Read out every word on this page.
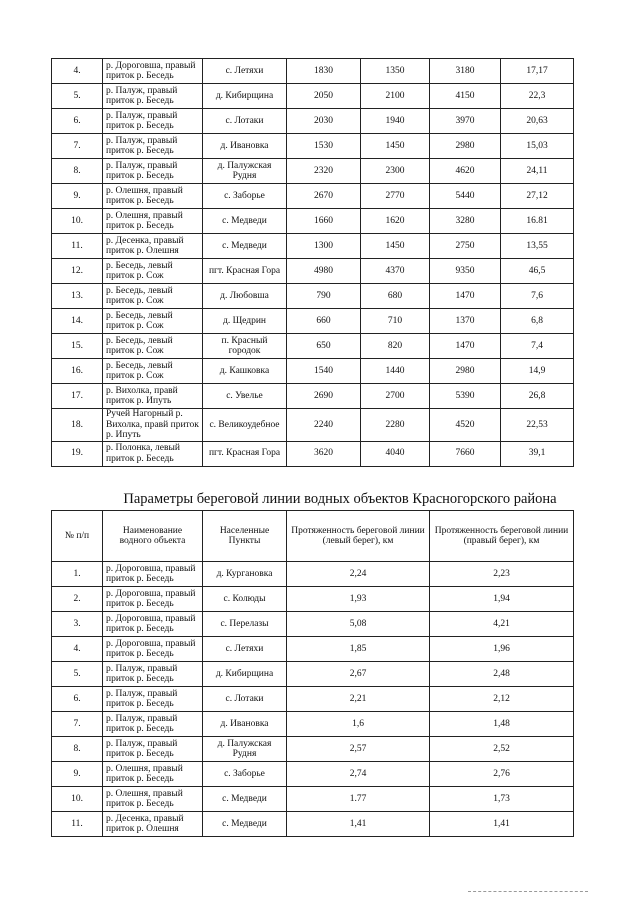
4.	р. Дороговша, правый приток р. Беседь	с. Летяхи	1830	1350	3180	17,17
5.	р. Палуж, правый приток р. Беседь	д. Кибирщина	2050	2100	4150	22,3
6.	р. Палуж, правый приток р. Беседь	с. Лотаки	2030	1940	3970	20,63
7.	р. Палуж, правый приток р. Беседь	д. Ивановка	1530	1450	2980	15,03
8.	р. Палуж, правый приток р. Беседь	д. Палужская Рудня	2320	2300	4620	24,11
9.	р. Олешня, правый приток р. Беседь	с. Заборье	2670	2770	5440	27,12
10.	р. Олешня, правый приток р. Беседь	с. Медведи	1660	1620	3280	16.81
11.	р. Десенка, правый приток р. Олешня	с. Медведи	1300	1450	2750	13,55
12.	р. Беседь, левый приток р. Сож	пгт. Красная Гора	4980	4370	9350	46,5
13.	р. Беседь, левый приток р. Сож	д. Любовша	790	680	1470	7,6
14.	р. Беседь, левый приток р. Сож	д. Щедрин	660	710	1370	6,8
15.	р. Беседь, левый приток р. Сож	п. Красный городок	650	820	1470	7,4
16.	р. Беседь, левый приток р. Сож	д. Кашковка	1540	1440	2980	14,9
17.	р. Вихолка, правй приток р. Ипуть	с. Увелье	2690	2700	5390	26,8
18.	Ручей Нагорный р. Вихолка, правй приток р. Ипуть	с. Великоудебное	2240	2280	4520	22,53
19.	р. Полонка, левый приток р. Беседь	пгт. Красная Гора	3620	4040	7660	39,1
Параметры береговой линии водных объектов Красногорского района
№ п/п	Наименование водного объекта	Населенные Пункты	Протяженность береговой линии (левый берег), км	Протяженность береговой линии (правый берег), км
1.	р. Дороговша, правый приток р. Беседь	д. Кургановка	2,24	2,23
2.	р. Дороговша, правый приток р. Беседь	с. Колюды	1,93	1,94
3.	р. Дороговша, правый приток р. Беседь	с. Перелазы	5,08	4,21
4.	р. Дороговша, правый приток р. Беседь	с. Летяхи	1,85	1,96
5.	р. Палуж, правый приток р. Беседь	д. Кибирщина	2,67	2,48
6.	р. Палуж, правый приток р. Беседь	с. Лотаки	2,21	2,12
7.	р. Палуж, правый приток р. Беседь	д. Ивановка	1,6	1,48
8.	р. Палуж, правый приток р. Беседь	д. Палужская Рудня	2,57	2,52
9.	р. Олешня, правый приток р. Беседь	с. Заборье	2,74	2,76
10.	р. Олешня, правый приток р. Беседь	с. Медведи	1.77	1,73
11.	р. Десенка, правый приток р. Олешня	с. Медведи	1,41	1,41
